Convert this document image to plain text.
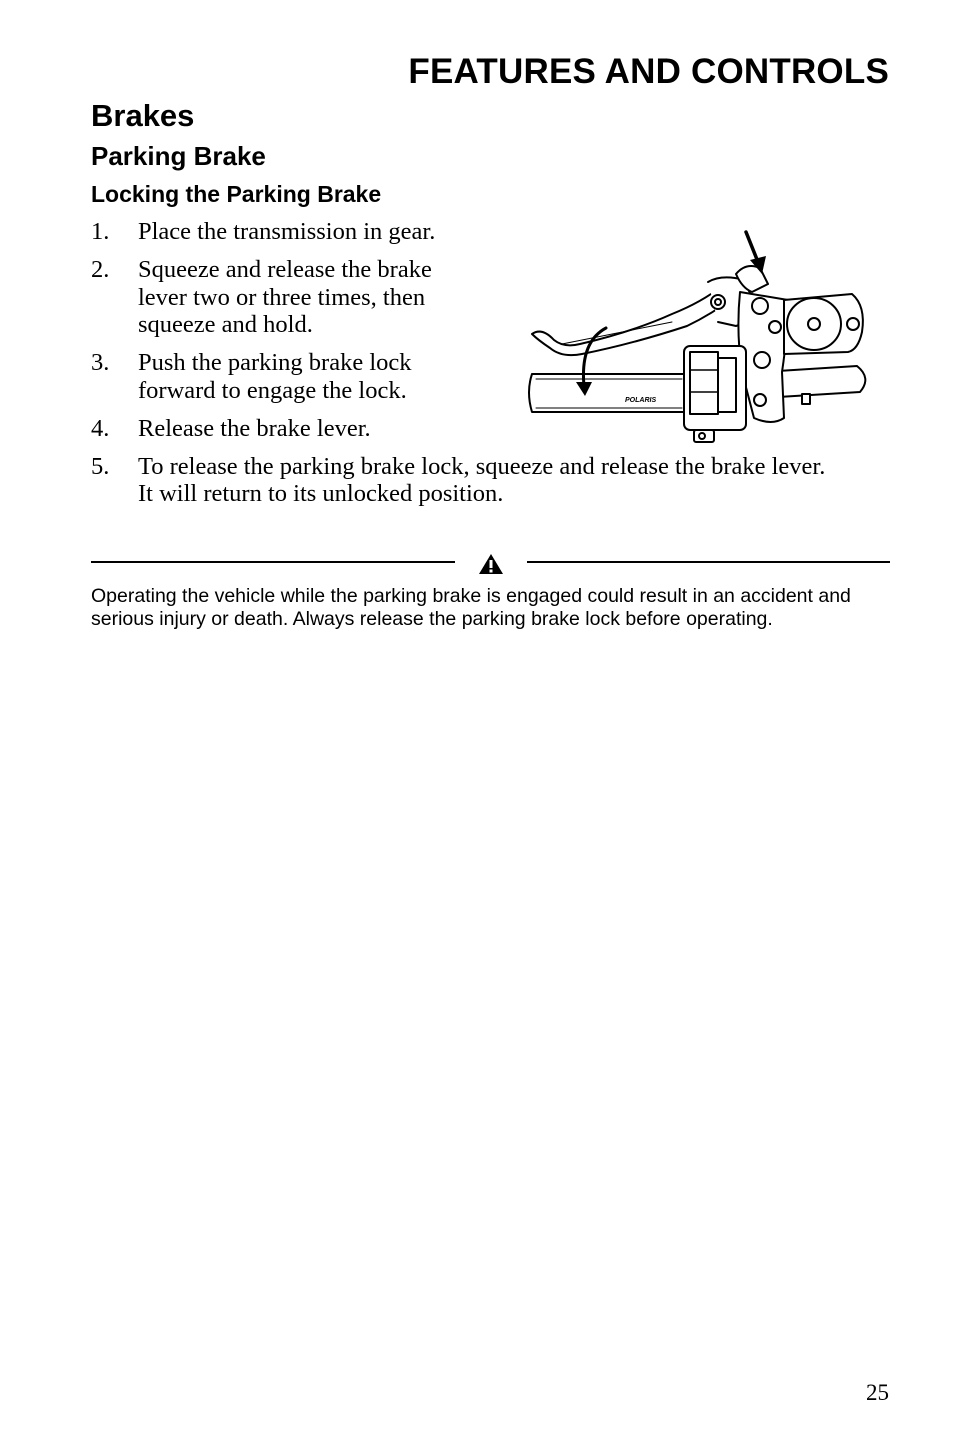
FEATURES AND CONTROLS
Brakes
Parking Brake
Locking the Parking Brake
1. Place the transmission in gear.
2. Squeeze and release the brake lever two or three times, then squeeze and hold.
3. Push the parking brake lock forward to engage the lock.
4. Release the brake lever.
5. To release the parking brake lock, squeeze and release the brake lever. It will return to its unlocked position.
POLARIS

Operating the vehicle while the parking brake is engaged could result in an accident and serious injury or death. Always release the parking brake lock before operating.

25
